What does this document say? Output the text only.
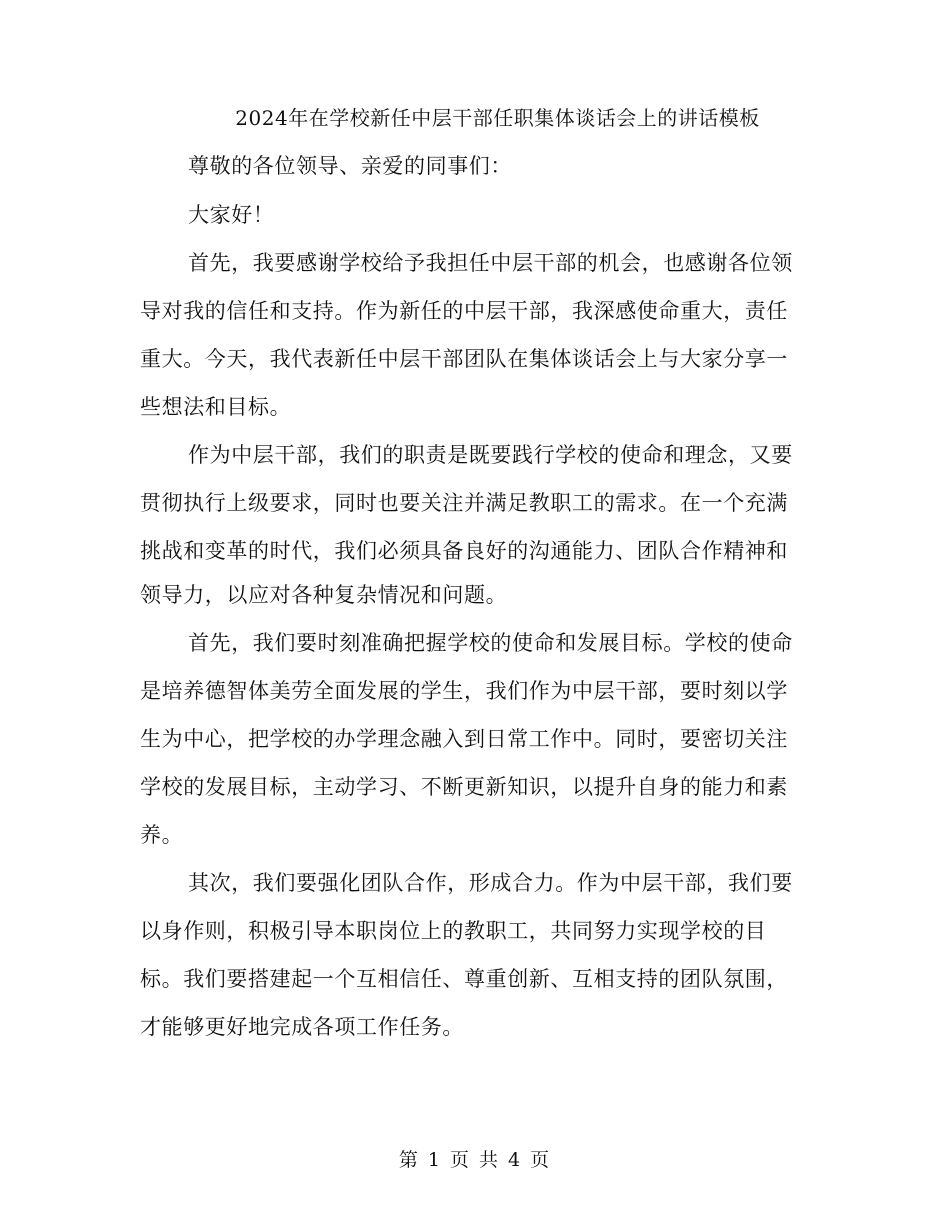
2024年在学校新任中层干部任职集体谈话会上的讲话模板
尊敬的各位领导、亲爱的同事们：
大家好！
首先，我要感谢学校给予我担任中层干部的机会，也感谢各位领
导对我的信任和支持。作为新任的中层干部，我深感使命重大，责任
重大。今天，我代表新任中层干部团队在集体谈话会上与大家分享一
些想法和目标。
作为中层干部，我们的职责是既要践行学校的使命和理念，又要
贯彻执行上级要求，同时也要关注并满足教职工的需求。在一个充满
挑战和变革的时代，我们必须具备良好的沟通能力、团队合作精神和
领导力，以应对各种复杂情况和问题。
首先，我们要时刻准确把握学校的使命和发展目标。学校的使命
是培养德智体美劳全面发展的学生，我们作为中层干部，要时刻以学
生为中心，把学校的办学理念融入到日常工作中。同时，要密切关注
学校的发展目标，主动学习、不断更新知识，以提升自身的能力和素
养。
其次，我们要强化团队合作，形成合力。作为中层干部，我们要
以身作则，积极引导本职岗位上的教职工，共同努力实现学校的目
标。我们要搭建起一个互相信任、尊重创新、互相支持的团队氛围，
才能够更好地完成各项工作任务。
第 1 页 共 4 页
